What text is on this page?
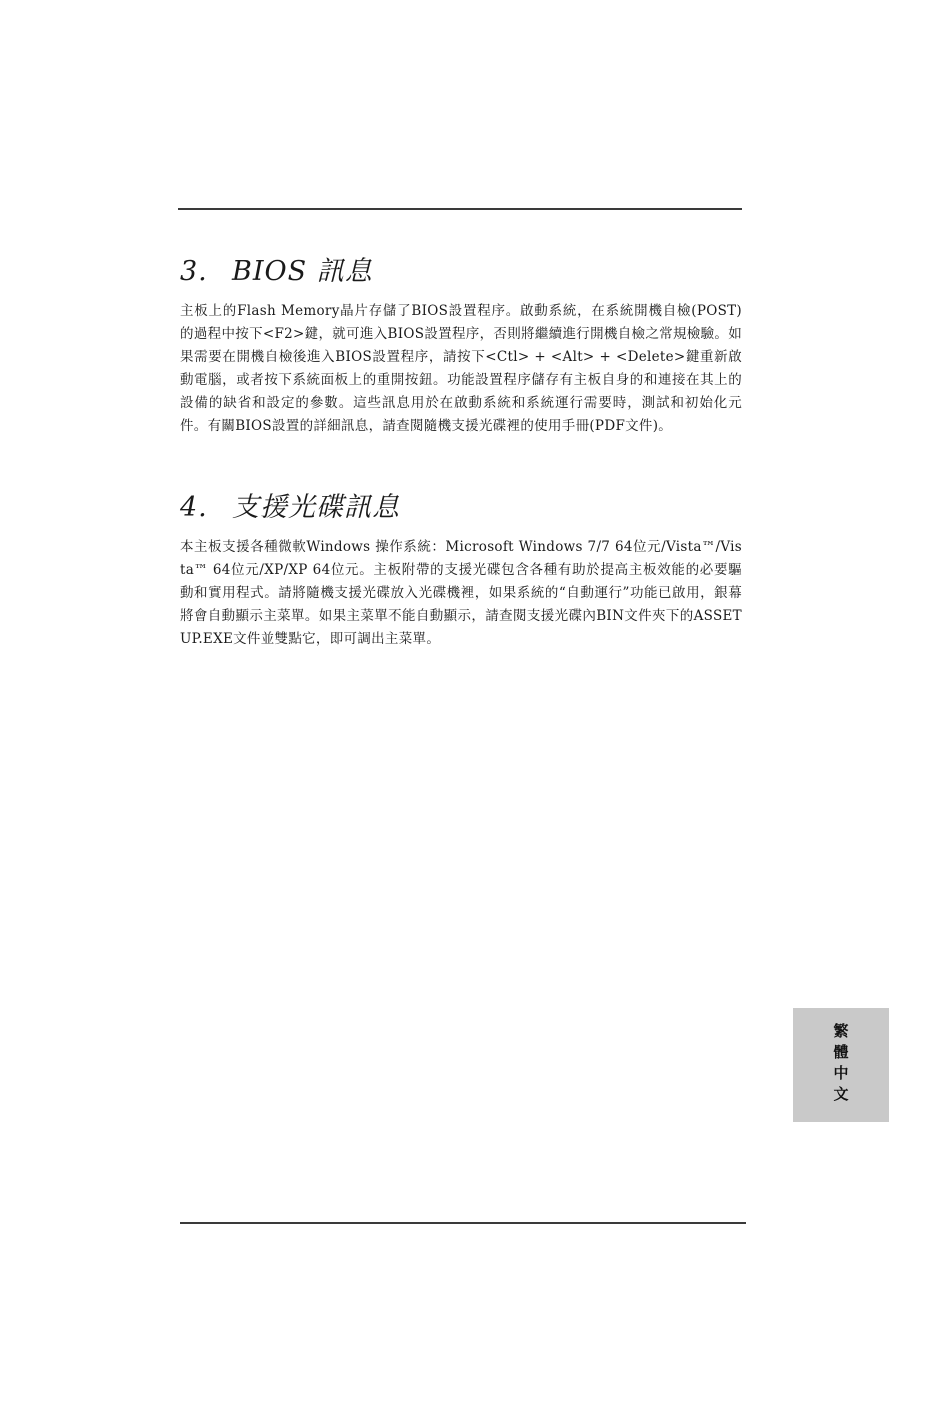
3. BIOS 訊息

主板上的Flash Memory晶片存儲了BIOS設置程序。啟動系統，在系統開機自檢(POST)的過程中按下<F2>鍵，就可進入BIOS設置程序，否則將繼續進行開機自檢之常規檢驗。如果需要在開機自檢後進入BIOS設置程序，請按下<Ctl> + <Alt> + <Delete>鍵重新啟動電腦，或者按下系統面板上的重開按鈕。功能設置程序儲存有主板自身的和連接在其上的設備的缺省和設定的參數。這些訊息用於在啟動系統和系統運行需要時，測試和初始化元件。有關BIOS設置的詳細訊息，請查閱隨機支援光碟裡的使用手冊(PDF文件)。

4. 支援光碟訊息

本主板支援各種微軟Windows 操作系統：Microsoft Windows 7/7 64位元/Vista™/Vista™ 64位元/XP/XP 64位元。主板附帶的支援光碟包含各種有助於提高主板效能的必要驅動和實用程式。請將隨機支援光碟放入光碟機裡，如果系統的“自動運行”功能已啟用，銀幕將會自動顯示主菜單。如果主菜單不能自動顯示，請查閱支援光碟內BIN文件夾下的ASSETUP.EXE文件並雙點它，即可調出主菜單。

繁體中文
